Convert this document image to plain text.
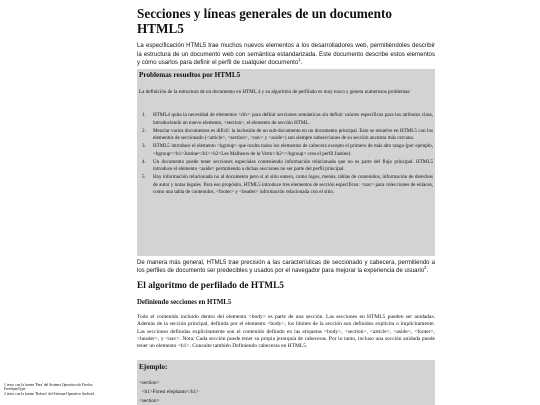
Secciones y líneas generales de un documento HTML5

La especificación HTML5 trae muchos nuevos elementos a los desarrolladores web, permitiéndoles describir la estructura de un documento web con semántica estandarizada. Este documento describe estos elementos y cómo usarlos para definir el perfil de cualquier documento$^1$.

Problemas resueltos por HTML5

La definición de la estructura de un documento en HTML 4 y su algoritmo de perfilado es muy tosco y genera numerosos problemas:

1. HTML4 quita la necesidad de elementos <div> para definir secciones semánticas sin definir valores específicos para los atributos class, introduciendo un nuevo elemento, <section>, el elemento de sección HTML.
2. Mezclar varios documentos es difícil: la inclusión de un sub-documento en un documento principal. Esto se resuelve en HTML5 con los elementos de seccionado (<article>, <section>, <nav> y <aside>) son siempre subsecciones de su sección ancestra más cercana.
3. HTML5 introduce el elemento <hgroup> que oculta todos los elementos de cabecera excepto el primero de más alto rango (por ejemplo, <hgroup><h1>Justine</h1><h2>Les Malheurs de la Vertu</h2></hgroup> crea el perfil Justine).
4. Un documento puede tener secciones especiales conteniendo información relacionada que no es parte del flujo principal. HTML5 introduce el elemento <aside> permitiendo a dichas secciones no ser parte del perfil principal.
5. Hay información relacionada no al documento pero sí al sitio entero, como logos, menús, tablas de contenidos, información de derechos de autor y notas legales. Para eso propósito, HTML5 introduce tres elementos de sección específicos: <nav> para colecciones de enlaces, como una tabla de contenidos, <footer> y <header> información relacionada con el sitio.

De manera más general, HTML5 trae precisión a las características de seccionado y cabecera, permitiendo a los perfiles de documento ser predecibles y usados por el navegador para mejorar la experiencia de usuario$^2$.

El algoritmo de perfilado de HTML5
Definiendo secciones en HTML5

Todo el contenido incluido dentro del elemento <body> es parte de una sección. Las secciones en HTML5 pueden ser anidadas. Además de la sección principal, definida por el elemento <body>, los límites de la sección son definidos explícita o implícitamente. Las secciones definidas explícitamente son el contenido definido en las etiquetas <body>, <section>, <article>, <aside>, <footer>, <header>, y <nav>. Nota: Cada sección puede tener su propia jerarquía de cabeceras. Por lo tanto, incluso una sección anidada puede tener un elemento <h1>. Consulte también Definiendo cabeceras en HTML5.

Ejemplo:
<section>
<h1>Forest elephants</h1>
<section>

1 texto con la fuente 'Pera' del Sistema Operativo de Firefox FreeSpanType.

2 texto con la fuente 'Roboto' del Sistema Operativo Android.
